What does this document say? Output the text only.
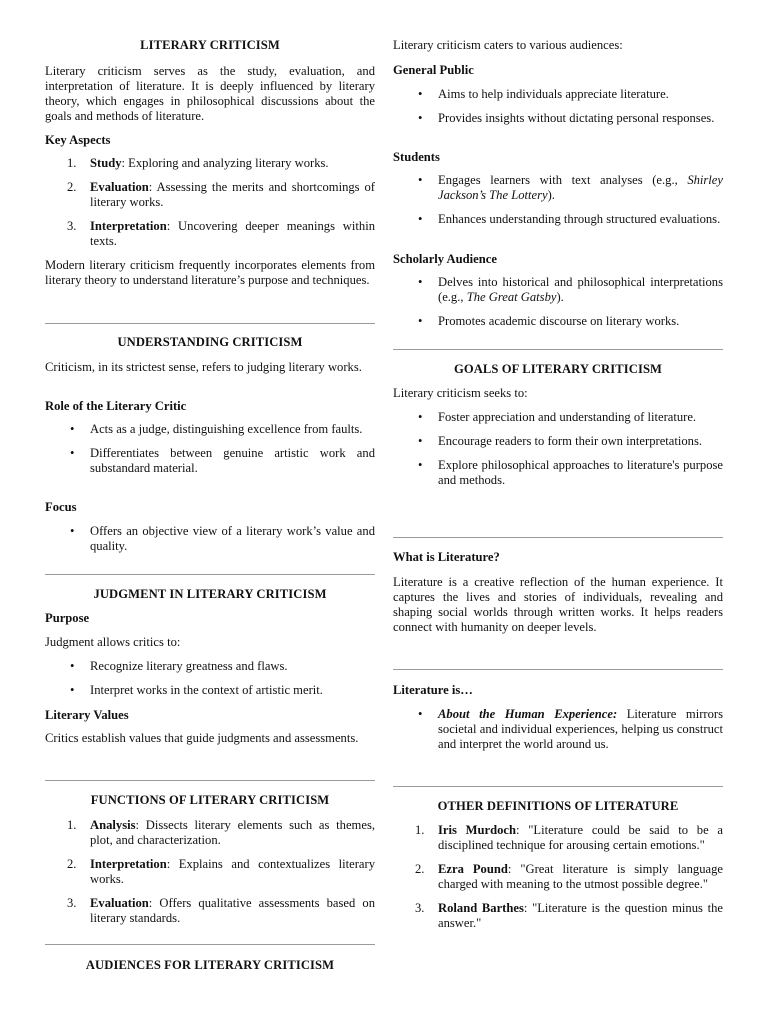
LITERARY CRITICISM

Literary criticism serves as the study, evaluation, and interpretation of literature. It is deeply influenced by literary theory, which engages in philosophical discussions about the goals and methods of literature.

Key Aspects

1. Study: Exploring and analyzing literary works.
2. Evaluation: Assessing the merits and shortcomings of literary works.
3. Interpretation: Uncovering deeper meanings within texts.

Modern literary criticism frequently incorporates elements from literary theory to understand literature’s purpose and techniques.

UNDERSTANDING CRITICISM

Criticism, in its strictest sense, refers to judging literary works.

Role of the Literary Critic

• Acts as a judge, distinguishing excellence from faults.
• Differentiates between genuine artistic work and substandard material.

Focus

• Offers an objective view of a literary work’s value and quality.
JUDGMENT IN LITERARY CRITICISM

Purpose

Judgment allows critics to:

• Recognize literary greatness and flaws.
• Interpret works in the context of artistic merit.

Literary Values

Critics establish values that guide judgments and assessments.

FUNCTIONS OF LITERARY CRITICISM
1. Analysis: Dissects literary elements such as themes, plot, and characterization.
2. Interpretation: Explains and contextualizes literary works.
3. Evaluation: Offers qualitative assessments based on literary standards.
AUDIENCES FOR LITERARY CRITICISM

Literary criticism caters to various audiences:

General Public

• Aims to help individuals appreciate literature.
• Provides insights without dictating personal responses.

Students

• Engages learners with text analyses (e.g., Shirley Jackson’s The Lottery).
• Enhances understanding through structured evaluations.

Scholarly Audience

• Delves into historical and philosophical interpretations (e.g., The Great Gatsby).
• Promotes academic discourse on literary works.
GOALS OF LITERARY CRITICISM

Literary criticism seeks to:

• Foster appreciation and understanding of literature.
• Encourage readers to form their own interpretations.
• Explore philosophical approaches to literature's purpose and methods.

What is Literature?

Literature is a creative reflection of the human experience. It captures the lives and stories of individuals, revealing and shaping social worlds through written works. It helps readers connect with humanity on deeper levels.

Literature is…

• About the Human Experience: Literature mirrors societal and individual experiences, helping us construct and interpret the world around us.
OTHER DEFINITIONS OF LITERATURE
1. Iris Murdoch: "Literature could be said to be a disciplined technique for arousing certain emotions."
2. Ezra Pound: "Great literature is simply language charged with meaning to the utmost possible degree."
3. Roland Barthes: "Literature is the question minus the answer."
